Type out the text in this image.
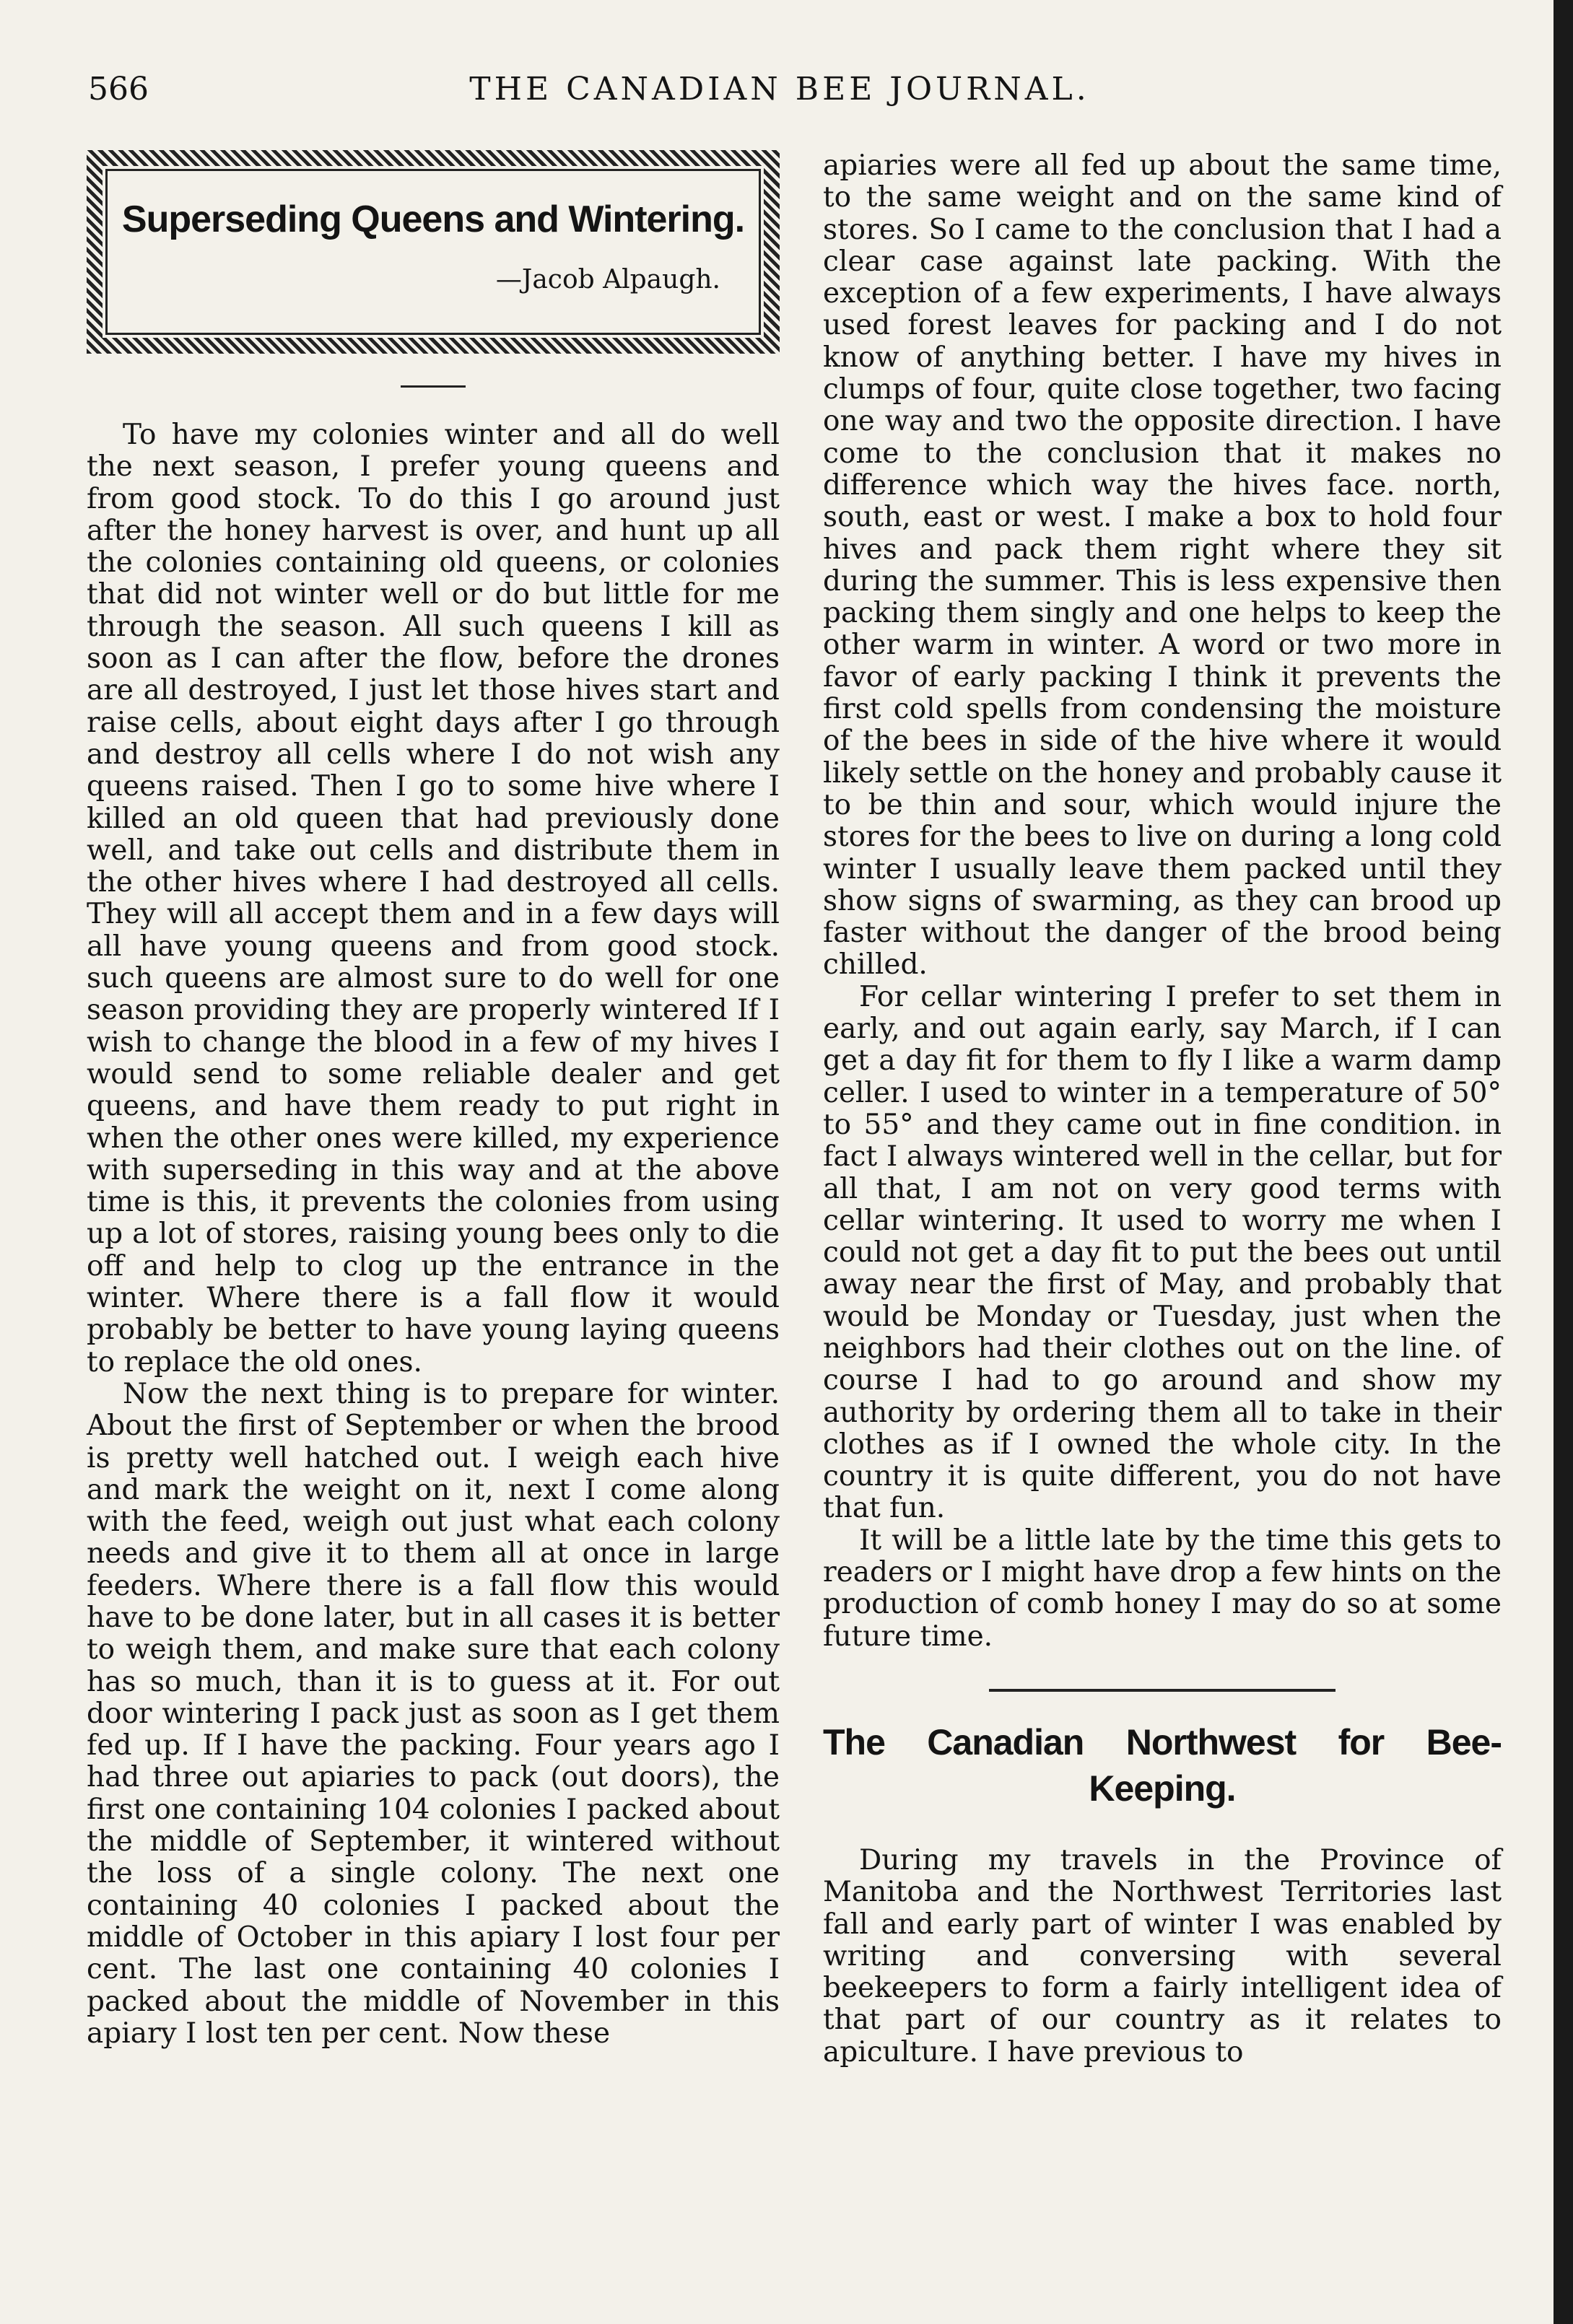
566	THE CANADIAN BEE JOURNAL.
Superseding Queens and Wintering.
—Jacob Alpaugh.

To have my colonies winter and all do well the next season, I prefer young queens and from good stock. To do this I go around just after the honey harvest is over, and hunt up all the colonies containing old queens, or colonies that did not winter well or do but little for me through the season. All such queens I kill as soon as I can after the flow, before the drones are all destroyed, I just let those hives start and raise cells, about eight days after I go through and destroy all cells where I do not wish any queens raised. Then I go to some hive where I killed an old queen that had previously done well, and take out cells and distribute them in the other hives where I had destroyed all cells. They will all accept them and in a few days will all have young queens and from good stock. such queens are almost sure to do well for one season providing they are properly wintered If I wish to change the blood in a few of my hives I would send to some reliable dealer and get queens, and have them ready to put right in when the other ones were killed, my experience with superseding in this way and at the above time is this, it prevents the colonies from using up a lot of stores, raising young bees only to die off and help to clog up the entrance in the winter. Where there is a fall flow it would probably be better to have young laying queens to replace the old ones.

Now the next thing is to prepare for winter. About the first of September or when the brood is pretty well hatched out. I weigh each hive and mark the weight on it, next I come along with the feed, weigh out just what each colony needs and give it to them all at once in large feeders. Where there is a fall flow this would have to be done later, but in all cases it is better to weigh them, and make sure that each colony has so much, than it is to guess at it. For out door wintering I pack just as soon as I get them fed up. If I have the packing. Four years ago I had three out apiaries to pack (out doors), the first one containing 104 colonies I packed about the middle of September, it wintered without the loss of a single colony. The next one containing 40 colonies I packed about the middle of October in this apiary I lost four per cent. The last one containing 40 colonies I packed about the middle of November in this apiary I lost ten per cent. Now these

apiaries were all fed up about the same time, to the same weight and on the same kind of stores. So I came to the conclusion that I had a clear case against late packing. With the exception of a few experiments, I have always used forest leaves for packing and I do not know of anything better. I have my hives in clumps of four, quite close together, two facing one way and two the opposite direction. I have come to the conclusion that it makes no difference which way the hives face. north, south, east or west. I make a box to hold four hives and pack them right where they sit during the summer. This is less expensive then packing them singly and one helps to keep the other warm in winter. A word or two more in favor of early packing I think it prevents the first cold spells from condensing the moisture of the bees in side of the hive where it would likely settle on the honey and probably cause it to be thin and sour, which would injure the stores for the bees to live on during a long cold winter I usually leave them packed until they show signs of swarming, as they can brood up faster without the danger of the brood being chilled.

For cellar wintering I prefer to set them in early, and out again early, say March, if I can get a day fit for them to fly I like a warm damp celler. I used to winter in a temperature of 50° to 55° and they came out in fine condition. in fact I always wintered well in the cellar, but for all that, I am not on very good terms with cellar wintering. It used to worry me when I could not get a day fit to put the bees out until away near the first of May, and probably that would be Monday or Tuesday, just when the neighbors had their clothes out on the line. of course I had to go around and show my authority by ordering them all to take in their clothes as if I owned the whole city. In the country it is quite different, you do not have that fun.

It will be a little late by the time this gets to readers or I might have drop a few hints on the production of comb honey I may do so at some future time.

The Canadian Northwest for Bee-
Keeping.

During my travels in the Province of Manitoba and the Northwest Territories last fall and early part of winter I was enabled by writing and conversing with several beekeepers to form a fairly intelligent idea of that part of our country as it relates to apiculture. I have previous to
